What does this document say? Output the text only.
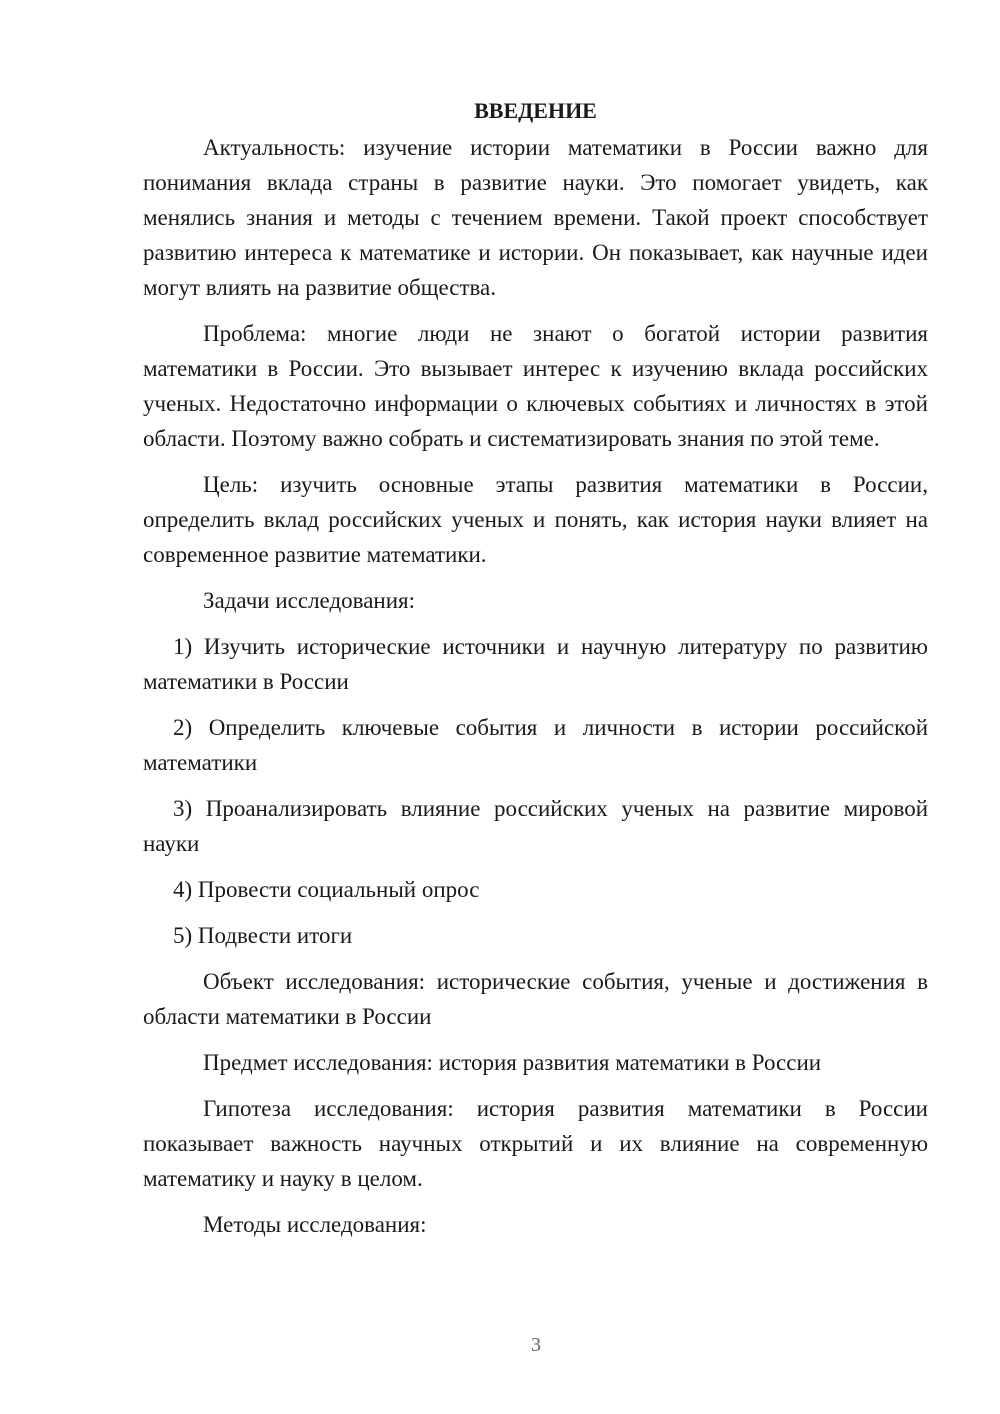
ВВЕДЕНИЕ

Актуальность: изучение истории математики в России важно для понимания вклада страны в развитие науки. Это помогает увидеть, как менялись знания и методы с течением времени. Такой проект способствует развитию интереса к математике и истории. Он показывает, как научные идеи могут влиять на развитие общества.

Проблема: многие люди не знают о богатой истории развития математики в России. Это вызывает интерес к изучению вклада российских ученых. Недостаточно информации о ключевых событиях и личностях в этой области. Поэтому важно собрать и систематизировать знания по этой теме.

Цель: изучить основные этапы развития математики в России, определить вклад российских ученых и понять, как история науки влияет на современное развитие математики.

Задачи исследования:

1) Изучить исторические источники и научную литературу по развитию математики в России

2) Определить ключевые события и личности в истории российской математики

3) Проанализировать влияние российских ученых на развитие мировой науки

4) Провести социальный опрос

5) Подвести итоги

Объект исследования: исторические события, ученые и достижения в области математики в России

Предмет исследования: история развития математики в России

Гипотеза исследования: история развития математики в России показывает важность научных открытий и их влияние на современную математику и науку в целом.

Методы исследования:

3
